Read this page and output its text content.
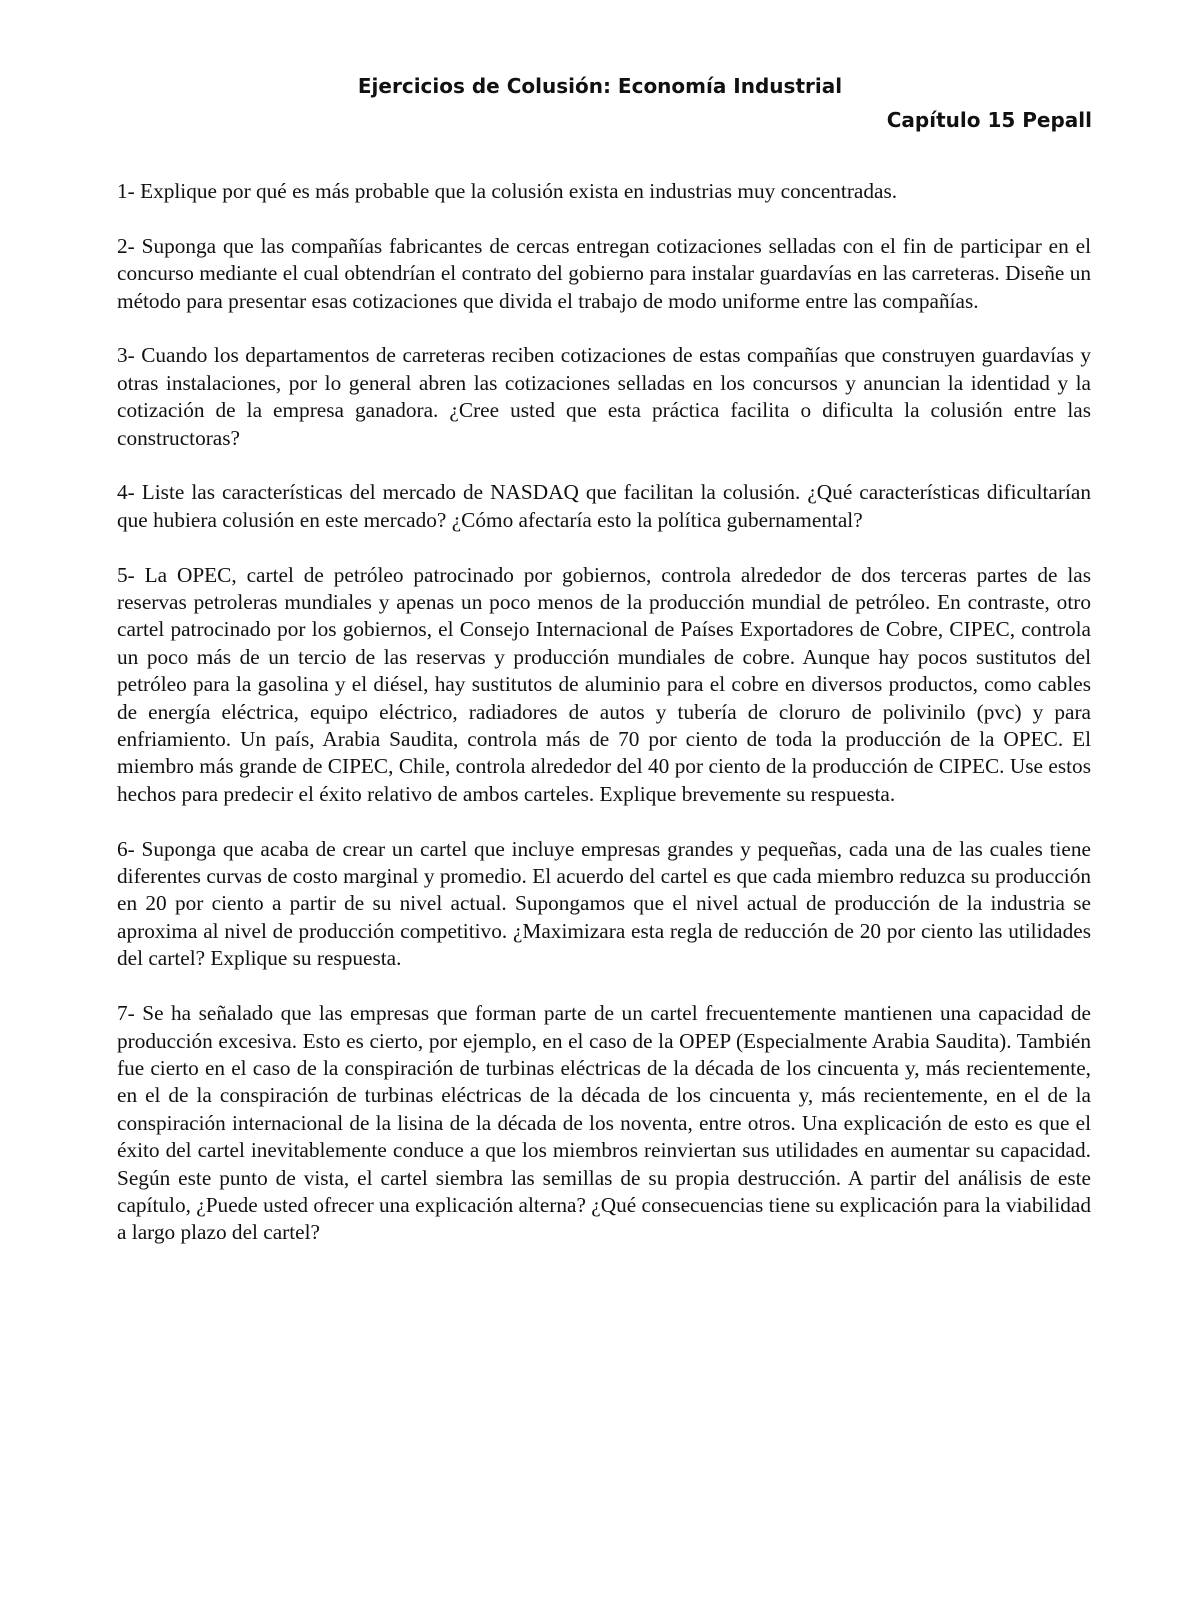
Ejercicios de Colusión: Economía Industrial
Capítulo 15 Pepall

1- Explique por qué es más probable que la colusión exista en industrias muy concentradas.

2- Suponga que las compañías fabricantes de cercas entregan cotizaciones selladas con el fin de participar en el concurso mediante el cual obtendrían el contrato del gobierno para instalar guardavías en las carreteras. Diseñe un método para presentar esas cotizaciones que divida el trabajo de modo uniforme entre las compañías.

3- Cuando los departamentos de carreteras reciben cotizaciones de estas compañías que construyen guardavías y otras instalaciones, por lo general abren las cotizaciones selladas en los concursos y anuncian la identidad y la cotización de la empresa ganadora. ¿Cree usted que esta práctica facilita o dificulta la colusión entre las constructoras?

4- Liste las características del mercado de NASDAQ que facilitan la colusión. ¿Qué características dificultarían que hubiera colusión en este mercado? ¿Cómo afectaría esto la política gubernamental?

5- La OPEC, cartel de petróleo patrocinado por gobiernos, controla alrededor de dos terceras partes de las reservas petroleras mundiales y apenas un poco menos de la producción mundial de petróleo. En contraste, otro cartel patrocinado por los gobiernos, el Consejo Internacional de Países Exportadores de Cobre, CIPEC, controla un poco más de un tercio de las reservas y producción mundiales de cobre. Aunque hay pocos sustitutos del petróleo para la gasolina y el diésel, hay sustitutos de aluminio para el cobre en diversos productos, como cables de energía eléctrica, equipo eléctrico, radiadores de autos y tubería de cloruro de polivinilo (pvc) y para enfriamiento. Un país, Arabia Saudita, controla más de 70 por ciento de toda la producción de la OPEC. El miembro más grande de CIPEC, Chile, controla alrededor del 40 por ciento de la producción de CIPEC. Use estos hechos para predecir el éxito relativo de ambos carteles. Explique brevemente su respuesta.

6- Suponga que acaba de crear un cartel que incluye empresas grandes y pequeñas, cada una de las cuales tiene diferentes curvas de costo marginal y promedio. El acuerdo del cartel es que cada miembro reduzca su producción en 20 por ciento a partir de su nivel actual. Supongamos que el nivel actual de producción de la industria se aproxima al nivel de producción competitivo. ¿Maximizara esta regla de reducción de 20 por ciento las utilidades del cartel? Explique su respuesta.

7- Se ha señalado que las empresas que forman parte de un cartel frecuentemente mantienen una capacidad de producción excesiva. Esto es cierto, por ejemplo, en el caso de la OPEP (Especialmente Arabia Saudita). También fue cierto en el caso de la conspiración de turbinas eléctricas de la década de los cincuenta y, más recientemente, en el de la conspiración de turbinas eléctricas de la década de los cincuenta y, más recientemente, en el de la conspiración internacional de la lisina de la década de los noventa, entre otros. Una explicación de esto es que el éxito del cartel inevitablemente conduce a que los miembros reinviertan sus utilidades en aumentar su capacidad. Según este punto de vista, el cartel siembra las semillas de su propia destrucción. A partir del análisis de este capítulo, ¿Puede usted ofrecer una explicación alterna? ¿Qué consecuencias tiene su explicación para la viabilidad a largo plazo del cartel?
